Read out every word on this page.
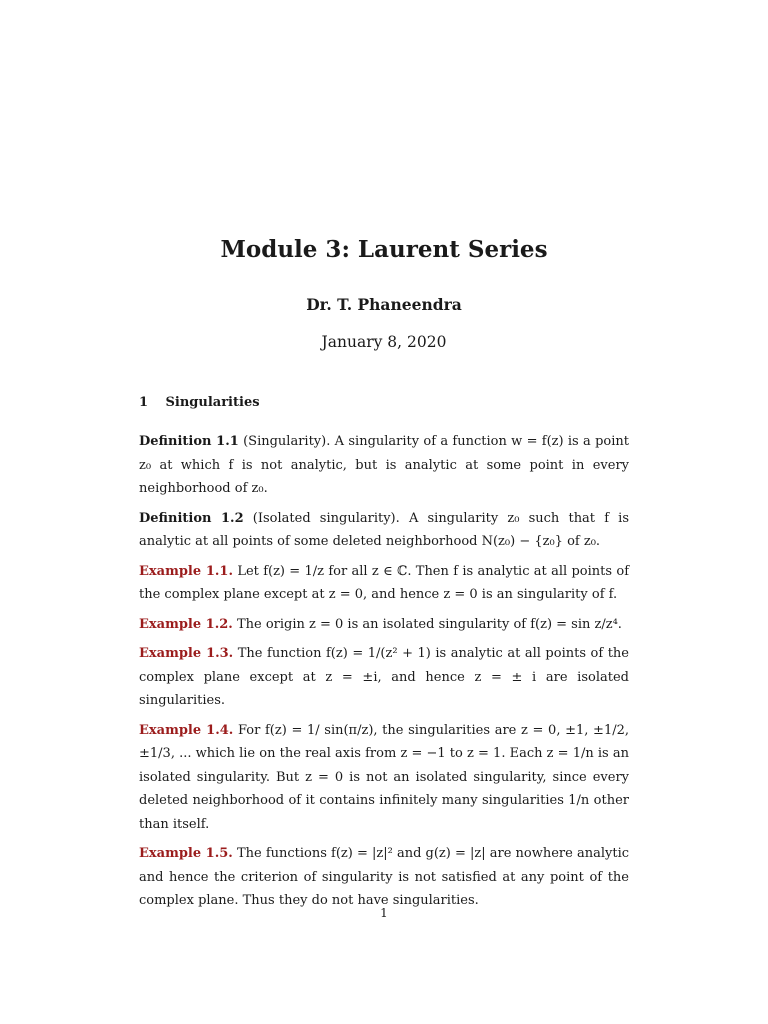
Module 3: Laurent Series
Dr. T. Phaneendra
January 8, 2020
1 Singularities

Definition 1.1 (Singularity). A singularity of a function w = f(z) is a point z₀ at which f is not analytic, but is analytic at some point in every neighborhood of z₀.

Definition 1.2 (Isolated singularity). A singularity z₀ such that f is analytic at all points of some deleted neighborhood N(z₀) − {z₀} of z₀.

Example 1.1. Let f(z) = 1/z for all z ∈ ℂ. Then f is analytic at all points of the complex plane except at z = 0, and hence z = 0 is an singularity of f.

Example 1.2. The origin z = 0 is an isolated singularity of f(z) = sin z/z⁴.

Example 1.3. The function f(z) = 1/(z² + 1) is analytic at all points of the complex plane except at z = ±i, and hence z = ± i are isolated singularities.

Example 1.4. For f(z) = 1/ sin(π/z), the singularities are z = 0, ±1, ±1/2, ±1/3, ... which lie on the real axis from z = −1 to z = 1. Each z = 1/n is an isolated singularity. But z = 0 is not an isolated singularity, since every deleted neighborhood of it contains infinitely many singularities 1/n other than itself.

Example 1.5. The functions f(z) = |z|² and g(z) = |z| are nowhere analytic and hence the criterion of singularity is not satisfied at any point of the complex plane. Thus they do not have singularities.

1
